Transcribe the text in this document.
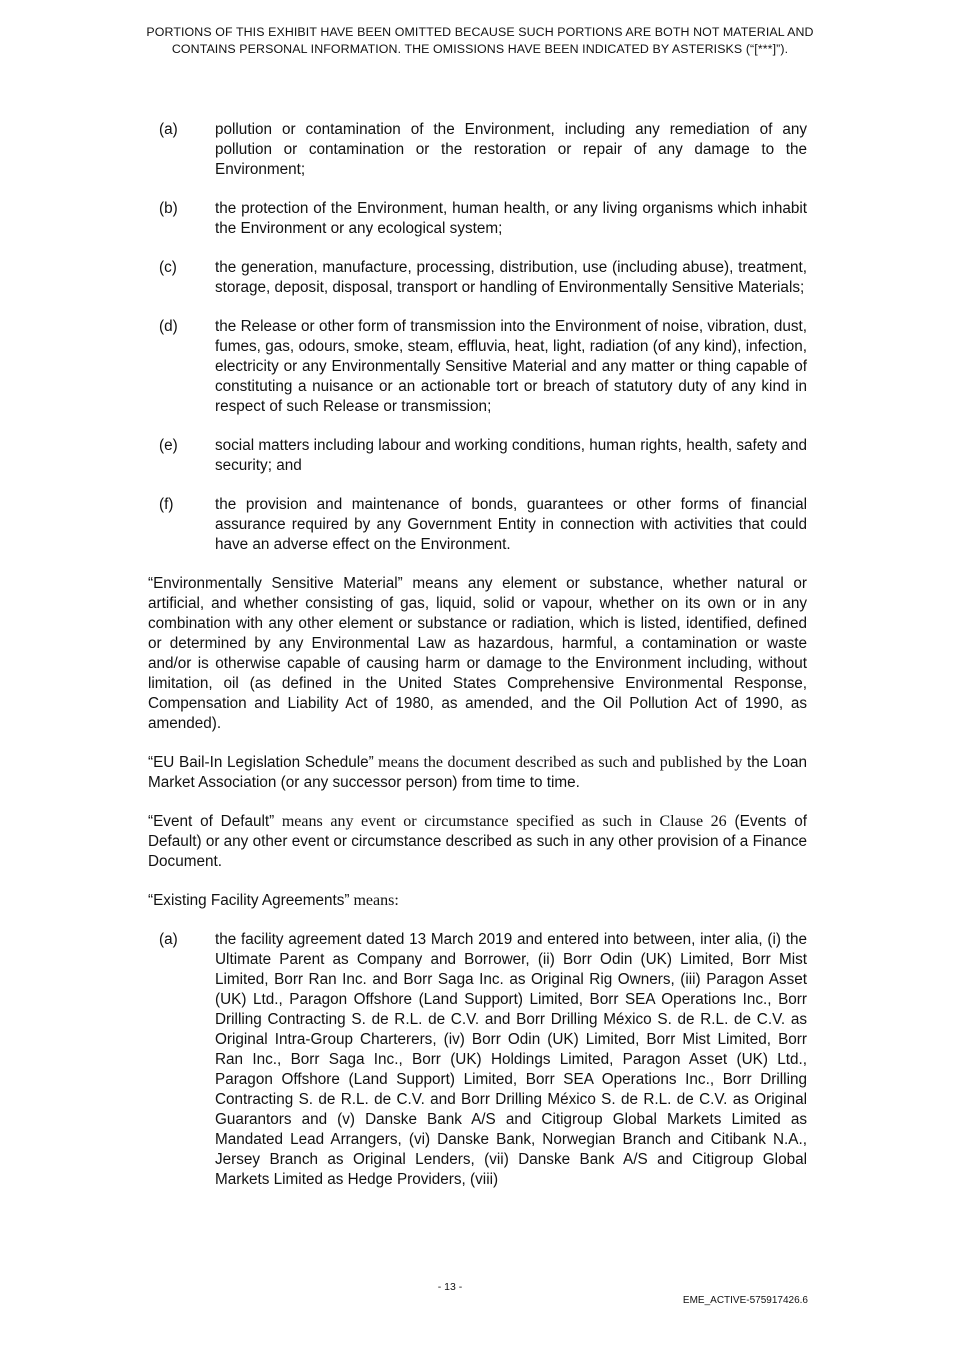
PORTIONS OF THIS EXHIBIT HAVE BEEN OMITTED BECAUSE SUCH PORTIONS ARE BOTH NOT MATERIAL AND
CONTAINS PERSONAL INFORMATION. THE OMISSIONS HAVE BEEN INDICATED BY ASTERISKS (“[***]”).
(a)	pollution or contamination of the Environment, including any remediation of any pollution or contamination or the restoration or repair of any damage to the Environment;
(b)	the protection of the Environment, human health, or any living organisms which inhabit the Environment or any ecological system;
(c)	the generation, manufacture, processing, distribution, use (including abuse), treatment, storage, deposit, disposal, transport or handling of Environmentally Sensitive Materials;
(d)	the Release or other form of transmission into the Environment of noise, vibration, dust, fumes, gas, odours, smoke, steam, effluvia, heat, light, radiation (of any kind), infection, electricity or any Environmentally Sensitive Material and any matter or thing capable of constituting a nuisance or an actionable tort or breach of statutory duty of any kind in respect of such Release or transmission;
(e)	social matters including labour and working conditions, human rights, health, safety and security; and
(f)	the provision and maintenance of bonds, guarantees or other forms of financial assurance required by any Government Entity in connection with activities that could have an adverse effect on the Environment.

“Environmentally Sensitive Material” means any element or substance, whether natural or artificial, and whether consisting of gas, liquid, solid or vapour, whether on its own or in any combination with any other element or substance or radiation, which is listed, identified, defined or determined by any Environmental Law as hazardous, harmful, a contamination or waste and/or is otherwise capable of causing harm or damage to the Environment including, without limitation, oil (as defined in the United States Comprehensive Environmental Response, Compensation and Liability Act of 1980, as amended, and the Oil Pollution Act of 1990, as amended).

“EU Bail-In Legislation Schedule” means the document described as such and published by the Loan Market Association (or any successor person) from time to time.

“Event of Default” means any event or circumstance specified as such in Clause 26 (Events of Default) or any other event or circumstance described as such in any other provision of a Finance Document.

“Existing Facility Agreements” means:

(a)	the facility agreement dated 13 March 2019 and entered into between, inter alia, (i) the Ultimate Parent as Company and Borrower, (ii) Borr Odin (UK) Limited, Borr Mist Limited, Borr Ran Inc. and Borr Saga Inc. as Original Rig Owners, (iii) Paragon Asset (UK) Ltd., Paragon Offshore (Land Support) Limited, Borr SEA Operations Inc., Borr Drilling Contracting S. de R.L. de C.V. and Borr Drilling México S. de R.L. de C.V. as Original Intra-Group Charterers, (iv) Borr Odin (UK) Limited, Borr Mist Limited, Borr Ran Inc., Borr Saga Inc., Borr (UK) Holdings Limited, Paragon Asset (UK) Ltd., Paragon Offshore (Land Support) Limited, Borr SEA Operations Inc., Borr Drilling Contracting S. de R.L. de C.V. and Borr Drilling México S. de R.L. de C.V. as Original Guarantors and (v) Danske Bank A/S and Citigroup Global Markets Limited as Mandated Lead Arrangers, (vi) Danske Bank, Norwegian Branch and Citibank N.A., Jersey Branch as Original Lenders, (vii) Danske Bank A/S and Citigroup Global Markets Limited as Hedge Providers, (viii)
- 13 -
EME_ACTIVE-575917426.6
